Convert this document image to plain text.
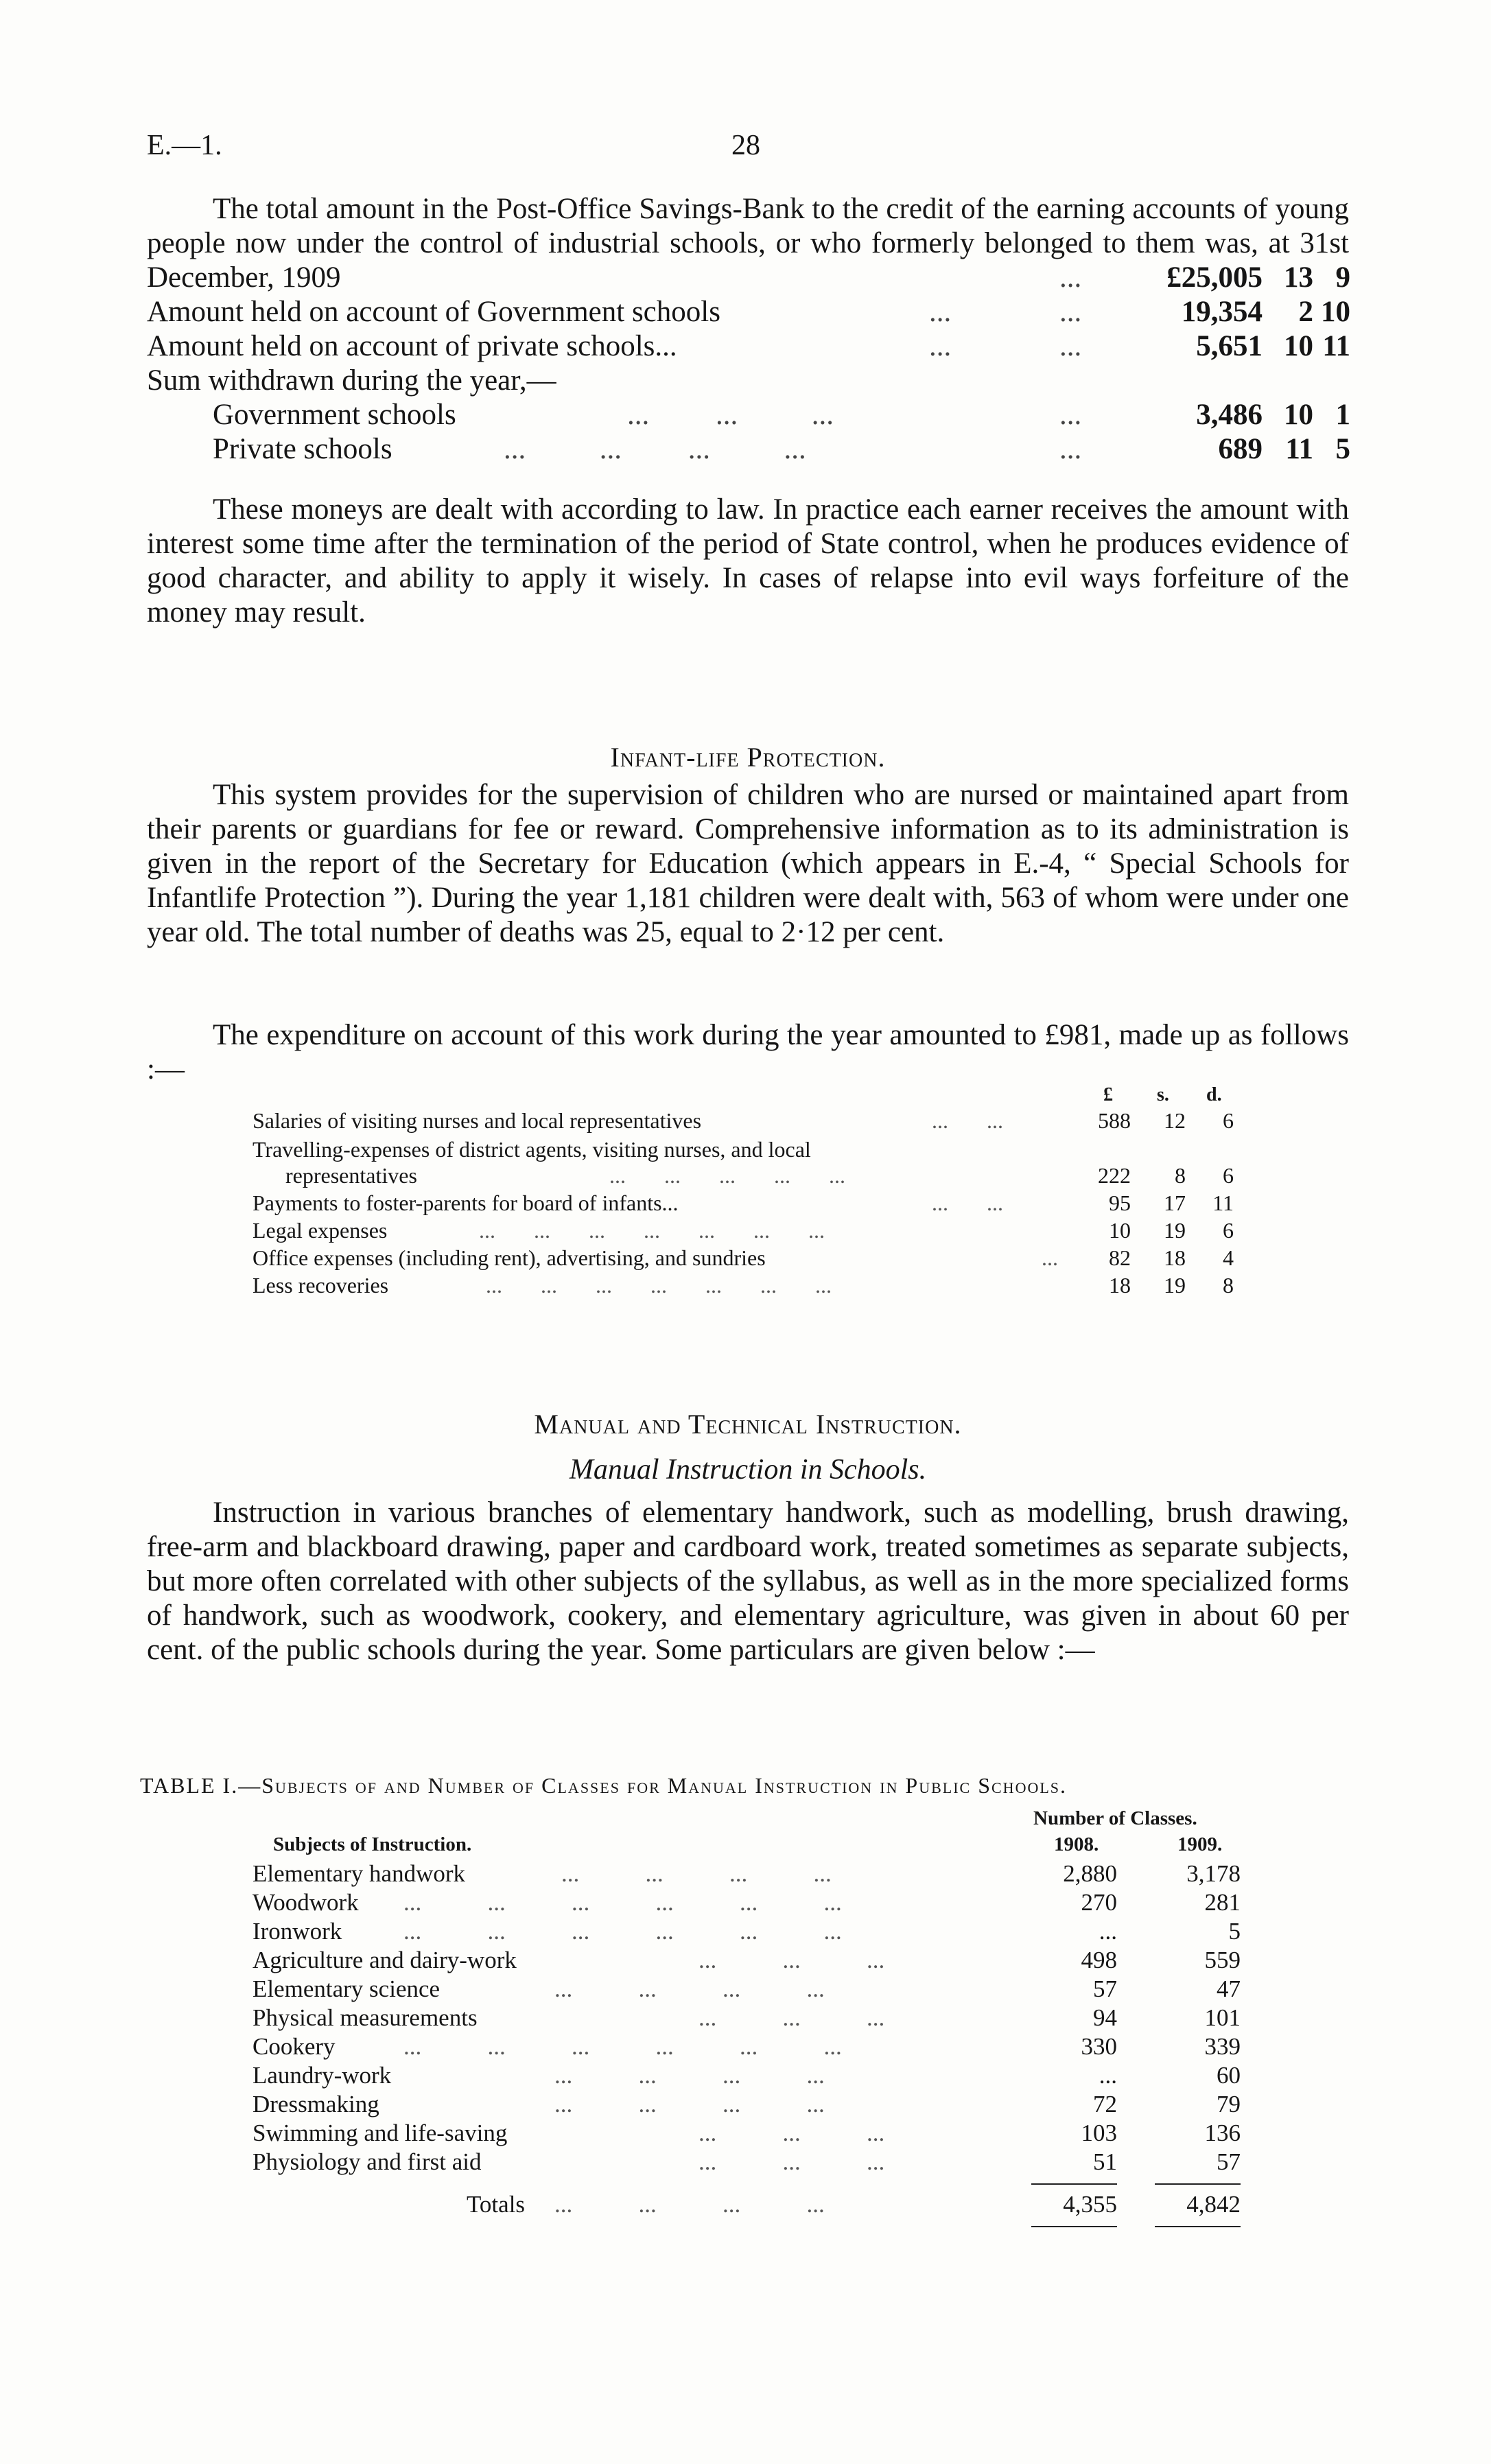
E.—1.	28
The total amount in the Post-Office Savings-Bank to the credit of the earning accounts of young people now under the control of industrial schools, or who formerly belonged to them was, at 31st December, 1909	...	£25,005 13 9
Amount held on account of Government schools	...	...	19,354	2 10
Amount held on account of private schools...	...	...	5,651 10 11
Sum withdrawn during the year,—
Government schools	...         ...          ...	...	3,486 10 1
Private schools	...          ...         ...          ...	...	689 11 5
These moneys are dealt with according to law. In practice each earner receives the amount with interest some time after the termination of the period of State control, when he produces evidence of good character, and ability to apply it wisely. In cases of relapse into evil ways forfeiture of the money may result.
Infant-life Protection.
This system provides for the supervision of children who are nursed or maintained apart from their parents or guardians for fee or reward. Comprehensive information as to its administration is given in the report of the Secretary for Education (which appears in E.-4, “ Special Schools for Infantlife Protection ”). During the year 1,181 children were dealt with, 563 of whom were under one year old. The total number of deaths was 25, equal to 2·12 per cent.
The expenditure on account of this work during the year amounted to £981, made up as follows :—
£ s. d.
Salaries of visiting nurses and local representatives	...       ...	588	12	6
Travelling-expenses of district agents, visiting nurses, and local
representatives	...       ...       ...       ...       ...	222	8	6
Payments to foster-parents for board of infants...	...       ...	95	17	11
Legal expenses	...       ...       ...       ...       ...       ...       ...	10	19	6
Office expenses (including rent), advertising, and sundries	...	82	18	4
Less recoveries	...       ...       ...       ...       ...       ...       ...	18	19	8
Manual and Technical Instruction.
Manual Instruction in Schools.
Instruction in various branches of elementary handwork, such as modelling, brush drawing, free-arm and blackboard drawing, paper and cardboard work, treated sometimes as separate subjects, but more often correlated with other subjects of the syllabus, as well as in the more specialized forms of handwork, such as woodwork, cookery, and elementary agriculture, was given in about 60 per cent. of the public schools during the year. Some particulars are given below :—
TABLE I.—Subjects of and Number of Classes for Manual Instruction in Public Schools.
Number of Classes.
Subjects of Instruction.	1908.	1909.
Elementary handwork	...           ...           ...           ...	2,880	3,178
Woodwork ...           ...           ...           ...           ...           ...	270	281
Ironwork	...           ...           ...           ...           ...           ...	...	5
Agriculture and dairy-work	...           ...           ...	498	559
Elementary science	...           ...           ...           ...	57	47
Physical measurements	...           ...           ...	94	101
Cookery	...           ...           ...           ...           ...           ...	330	339
Laundry-work	...           ...           ...           ...	...	60
Dressmaking	...           ...           ...           ...	72	79
Swimming and life-saving	...           ...           ...	103	136
Physiology and first aid	...           ...           ...	51	57
Totals ...           ...           ...           ...	4,355	4,842
